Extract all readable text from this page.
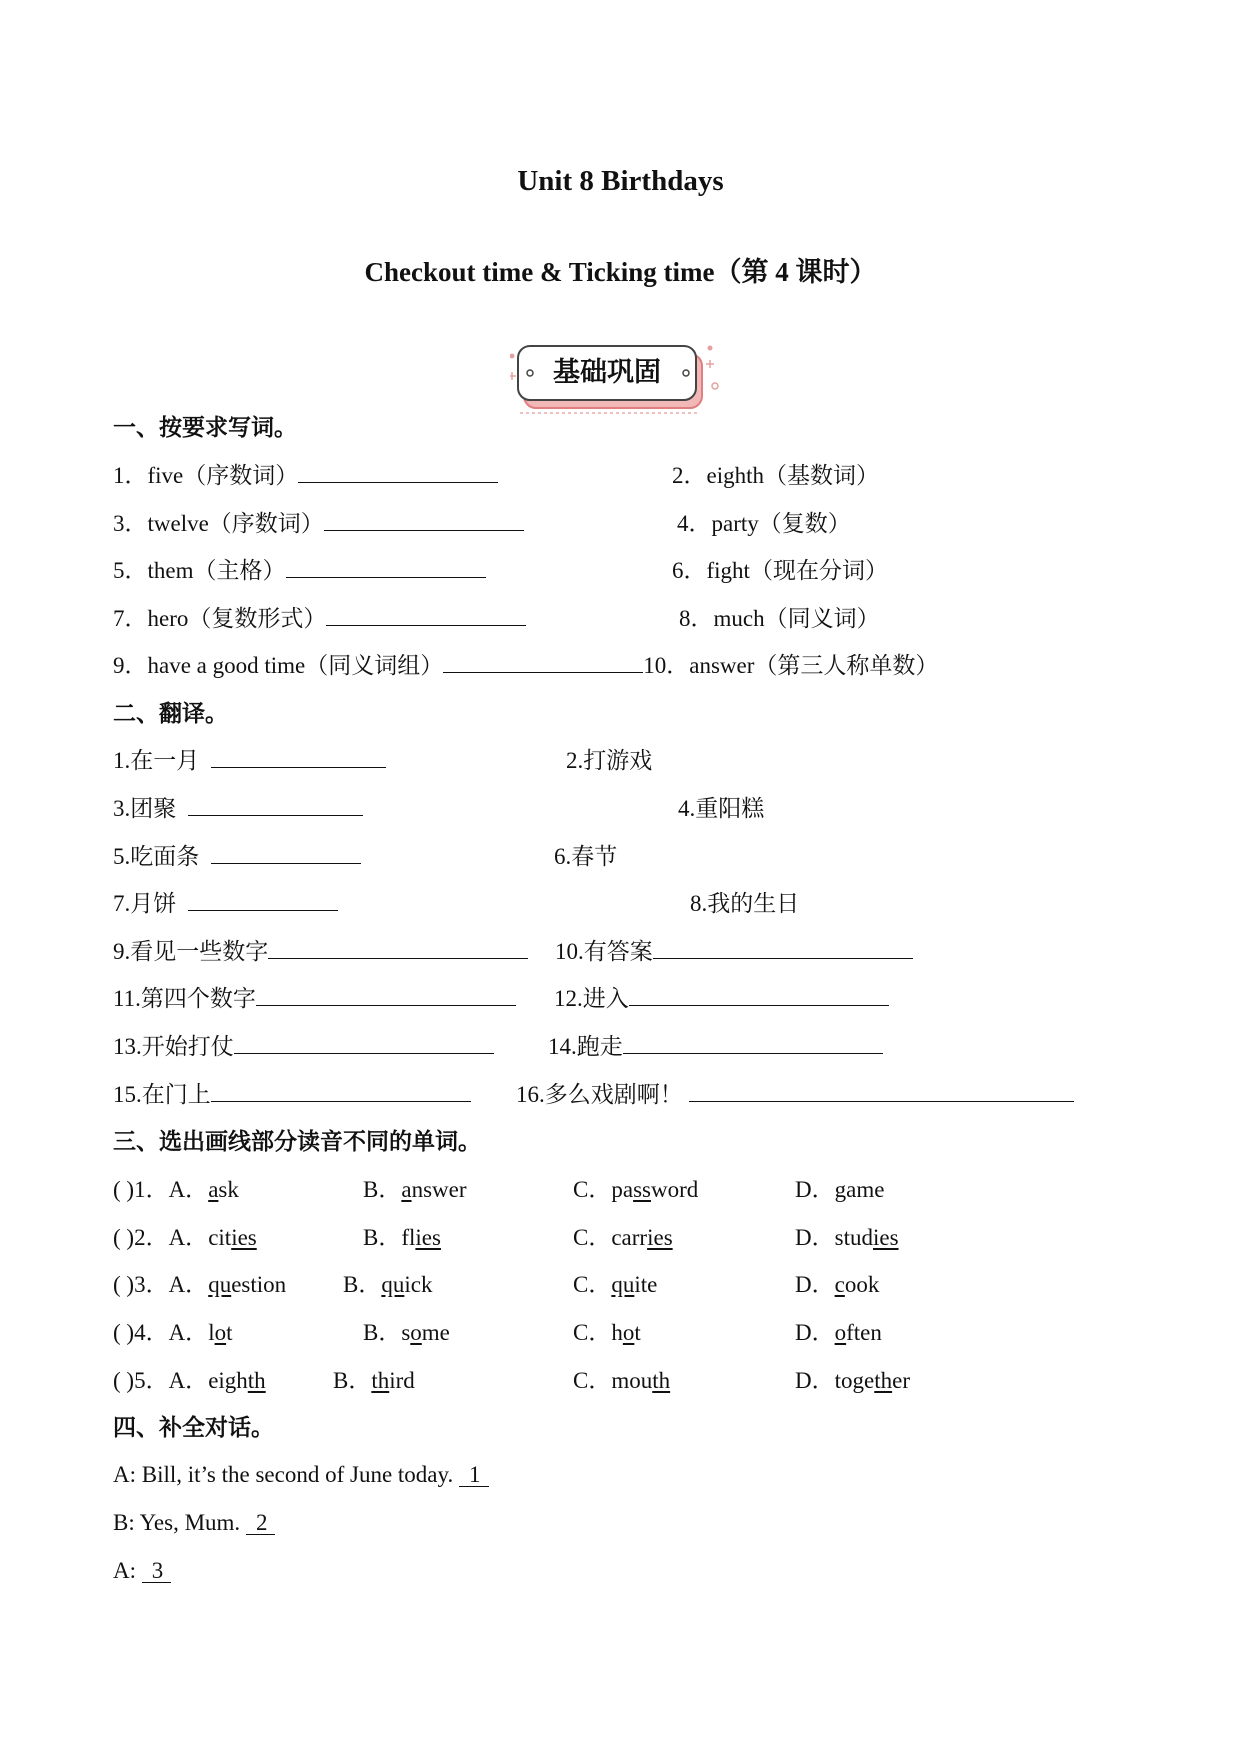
Unit 8 Birthdays
Checkout time & Ticking time（第 4 课时）
基础巩固
一、按要求写词。
1．five（序数词）	2．eighth（基数词）
3．twelve（序数词）	4．party（复数）
5．them（主格）	6．fight（现在分词）
7．hero（复数形式）	8．much（同义词）
9．have a good time（同义词组）	10．answer（第三人称单数）
二、翻译。
1.在一月	2.打游戏
3.团聚	4.重阳糕
5.吃面条	6.春节
7.月饼	8.我的生日
9.看见一些数字	10.有答案
11.第四个数字	12.进入
13.开始打仗	14.跑走
15.在门上	16.多么戏剧啊！
三、选出画线部分读音不同的单词。
( )1．A．ask	B．answer	C．password	D．game
( )2．A．cities	B．flies	C．carries	D．studies
( )3．A．question B．quick	C．quite	D．cook
( )4．A．lot	B．some	C．hot	D．often
( )5．A．eighth	B．third	C．mouth	D．together
四、补全对话。
A: Bill, it’s the second of June today. 1
B: Yes, Mum. 2
A: 3
